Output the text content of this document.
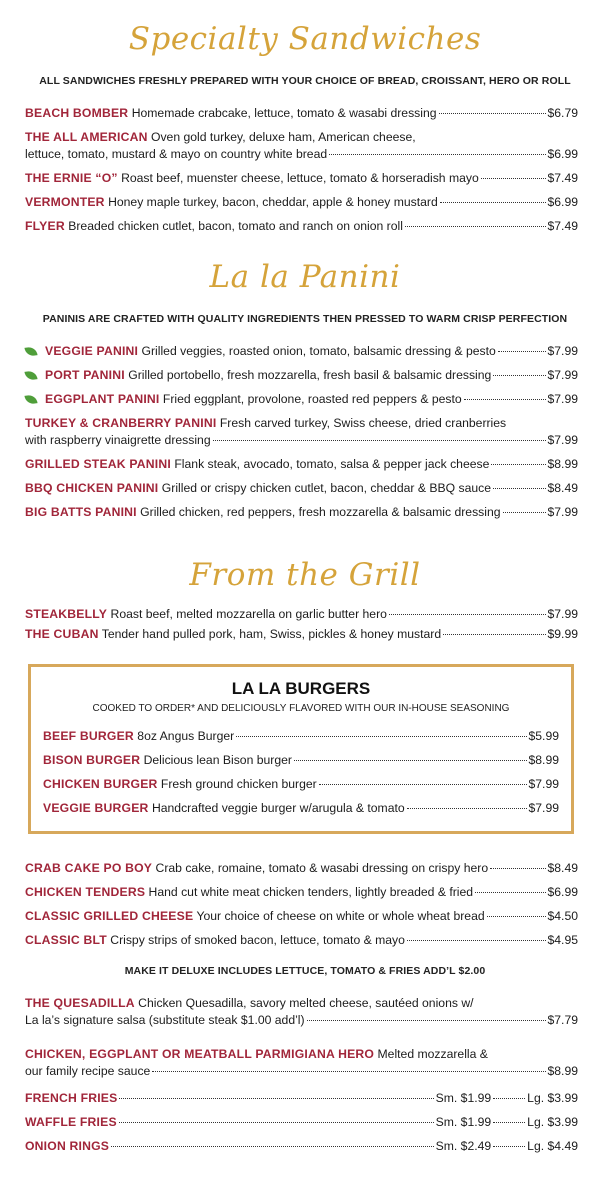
Specialty Sandwiches
ALL SANDWICHES FRESHLY PREPARED WITH YOUR CHOICE OF BREAD, CROISSANT, HERO OR ROLL
BEACH BOMBER Homemade crabcake, lettuce, tomato & wasabi dressing	$6.79
THE ALL AMERICAN Oven gold turkey, deluxe ham, American cheese,
lettuce, tomato, mustard & mayo on country white bread	$6.99
THE ERNIE “O” Roast beef, muenster cheese, lettuce, tomato & horseradish mayo	$7.49
VERMONTER Honey maple turkey, bacon, cheddar, apple & honey mustard	$6.99
FLYER Breaded chicken cutlet, bacon, tomato and ranch on onion roll	$7.49
La la Panini
PANINIS ARE CRAFTED WITH QUALITY INGREDIENTS THEN PRESSED TO WARM CRISP PERFECTION
VEGGIE PANINI Grilled veggies, roasted onion, tomato, balsamic dressing & pesto	$7.99
PORT PANINI Grilled portobello, fresh mozzarella, fresh basil & balsamic dressing	$7.99
EGGPLANT PANINI Fried eggplant, provolone, roasted red peppers & pesto	$7.99
TURKEY & CRANBERRY PANINI Fresh carved turkey, Swiss cheese, dried cranberries
with raspberry vinaigrette dressing	$7.99
GRILLED STEAK PANINI Flank steak, avocado, tomato, salsa & pepper jack cheese	$8.99
BBQ CHICKEN PANINI Grilled or crispy chicken cutlet, bacon, cheddar & BBQ sauce	$8.49
BIG BATTS PANINI Grilled chicken, red peppers, fresh mozzarella & balsamic dressing	$7.99
From the Grill
STEAKBELLY Roast beef, melted mozzarella on garlic butter hero	$7.99
THE CUBAN Tender hand pulled pork, ham, Swiss, pickles & honey mustard	$9.99
LA LA BURGERS
COOKED TO ORDER* AND DELICIOUSLY FLAVORED WITH OUR IN-HOUSE SEASONING
BEEF BURGER 8oz Angus Burger	$5.99
BISON BURGER Delicious lean Bison burger	$8.99
CHICKEN BURGER Fresh ground chicken burger	$7.99
VEGGIE BURGER Handcrafted veggie burger w/arugula & tomato	$7.99
CRAB CAKE PO BOY Crab cake, romaine, tomato & wasabi dressing on crispy hero	$8.49
CHICKEN TENDERS Hand cut white meat chicken tenders, lightly breaded & fried	$6.99
CLASSIC GRILLED CHEESE Your choice of cheese on white or whole wheat bread	$4.50
CLASSIC BLT Crispy strips of smoked bacon, lettuce, tomato & mayo	$4.95
MAKE IT DELUXE INCLUDES LETTUCE, TOMATO & FRIES ADD’L $2.00
THE QUESADILLA Chicken Quesadilla, savory melted cheese, sautéed onions w/
La la’s signature salsa (substitute steak $1.00 add’l)	$7.79
CHICKEN, EGGPLANT OR MEATBALL PARMIGIANA HERO Melted mozzarella &
our family recipe sauce	$8.99
FRENCH FRIES	Sm. $1.99	Lg. $3.99
WAFFLE FRIES	Sm. $1.99	Lg. $3.99
ONION RINGS	Sm. $2.49	Lg. $4.49
